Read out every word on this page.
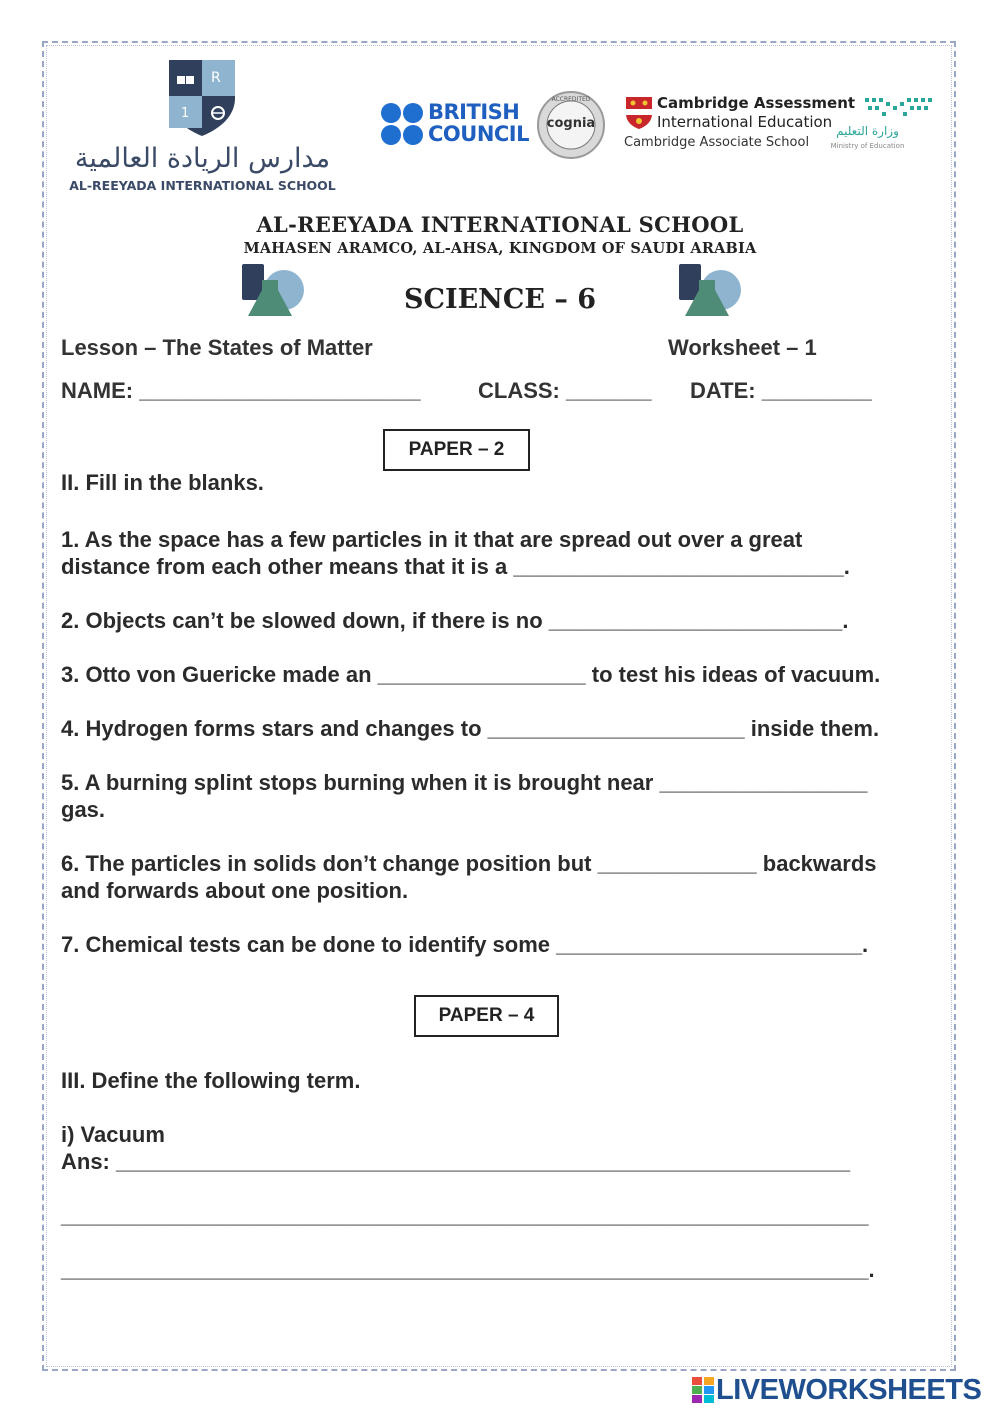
R
1
مدارس الريادة العالمية
AL-REEYADA INTERNATIONAL SCHOOL
BRITISH
COUNCIL
ACCREDITED
cognia
Cambridge Assessment
International Education
Cambridge Associate School
وزارة التعليم
Ministry of Education
AL-REEYADA INTERNATIONAL SCHOOL
MAHASEN ARAMCO, AL-AHSA, KINGDOM OF SAUDI ARABIA
SCIENCE – 6
Lesson – The States of Matter	Worksheet – 1
NAME: _______________________	CLASS: _______ DATE: _________
PAPER – 2
II. Fill in the blanks.
1. As the space has a few particles in it that are spread out over a great
distance from each other means that it is a ___________________________.
2. Objects can’t be slowed down, if there is no ________________________.
3. Otto von Guericke made an _________________ to test his ideas of vacuum.
4. Hydrogen forms stars and changes to _____________________ inside them.
5. A burning splint stops burning when it is brought near _________________
gas.
6. The particles in solids don’t change position but _____________ backwards
and forwards about one position.
7. Chemical tests can be done to identify some _________________________.
PAPER – 4
III. Define the following term.
i) Vacuum
Ans: ____________________________________________________________
__________________________________________________________________
__________________________________________________________________.
LIVEWORKSHEETS
